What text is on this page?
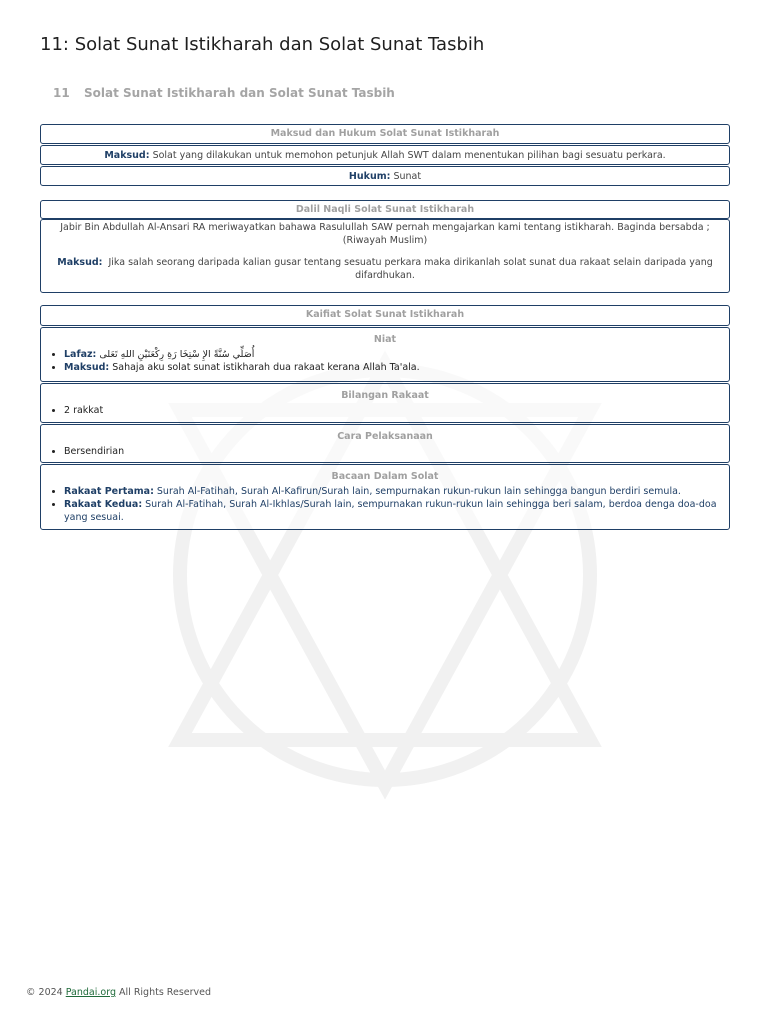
11: Solat Sunat Istikharah dan Solat Sunat Tasbih
11 Solat Sunat Istikharah dan Solat Sunat Tasbih
Maksud dan Hukum Solat Sunat Istikharah
Maksud: Solat yang dilakukan untuk memohon petunjuk Allah SWT dalam menentukan pilihan bagi sesuatu perkara.
Hukum: Sunat
Dalil Naqli Solat Sunat Istikharah
Jabir Bin Abdullah Al-Ansari RA meriwayatkan bahawa Rasulullah SAW pernah mengajarkan kami tentang istikharah. Baginda bersabda ; (Riwayah Muslim)
Maksud: Jika salah seorang daripada kalian gusar tentang sesuatu perkara maka dirikanlah solat sunat dua rakaat selain daripada yang difardhukan.
Kaifiat Solat Sunat Istikharah
Niat
• Lafaz: أُصَلِّي سُنَّةً الإِ سْتِخَا رَةِ رِكْعَتَيْنِ اللهِ تَعَلى
• Maksud: Sahaja aku solat sunat istikharah dua rakaat kerana Allah Ta'ala.
Bilangan Rakaat
• 2 rakkat
Cara Pelaksanaan
• Bersendirian
Bacaan Dalam Solat
• Rakaat Pertama: Surah Al-Fatihah, Surah Al-Kafirun/Surah lain, sempurnakan rukun-rukun lain sehingga bangun berdiri semula.
• Rakaat Kedua: Surah Al-Fatihah, Surah Al-Ikhlas/Surah lain, sempurnakan rukun-rukun lain sehingga beri salam, berdoa denga doa-doa yang sesuai.
© 2024 Pandai.org All Rights Reserved
